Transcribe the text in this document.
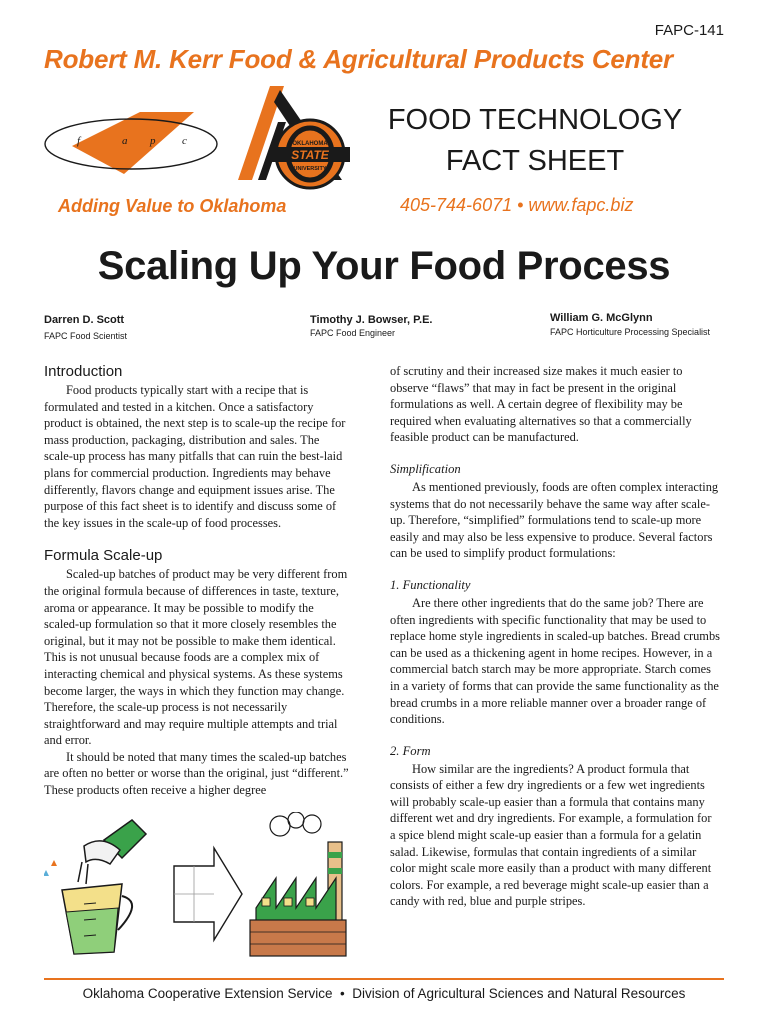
FAPC-141
Robert M. Kerr Food & Agricultural Products Center
f	a p c	OKLAHOMA
STATE
UNIVERSITY
FOOD TECHNOLOGY
FACT SHEET
Adding Value to Oklahoma	405-744-6071 • www.fapc.biz
Scaling Up Your Food Process
Darren D. Scott
FAPC Food Scientist
Timothy J. Bowser, P.E.
FAPC Food Engineer
William G. McGlynn
FAPC Horticulture Processing Specialist
Introduction

Food products typically start with a recipe that is formulated and tested in a kitchen. Once a satisfactory product is obtained, the next step is to scale-up the recipe for mass production, packaging, distribution and sales. The scale-up process has many pitfalls that can ruin the best-laid plans for commercial production. Ingredients may behave differently, flavors change and equipment issues arise. The purpose of this fact sheet is to identify and discuss some of the key issues in the scale-up of food processes.

Formula Scale-up

Scaled-up batches of product may be very different from the original formula because of differences in taste, texture, aroma or appearance. It may be possible to modify the scaled-up formulation so that it more closely resembles the original, but it may not be possible to make them identical. This is not unusual because foods are a complex mix of interacting chemical and physical systems. As these systems become larger, the ways in which they function may change. Therefore, the scale-up process is not necessarily straightforward and may require multiple attempts and trial and error.

It should be noted that many times the scaled-up batches are often no better or worse than the original, just “different.” These products often receive a higher degree

of scrutiny and their increased size makes it much easier to observe “flaws” that may in fact be present in the original formulations as well. A certain degree of flexibility may be required when evaluating alternatives so that a commercially feasible product can be manufactured.

Simplification

As mentioned previously, foods are often complex interacting systems that do not necessarily behave the same way after scale-up. Therefore, “simplified” formulations tend to scale-up more easily and may also be less expensive to produce. Several factors can be used to simplify product formulations:

1. Functionality

Are there other ingredients that do the same job? There are often ingredients with specific functionality that may be used to replace home style ingredients in scaled-up batches. Bread crumbs can be used as a thickening agent in home recipes. However, in a commercial batch starch may be more appropriate. Starch comes in a variety of forms that can provide the same functionality as the bread crumbs in a more reliable manner over a broader range of conditions.

2. Form

How similar are the ingredients? A product formula that consists of either a few dry ingredients or a few wet ingredients will probably scale-up easier than a formula that contains many different wet and dry ingredients. For example, a formulation for a spice blend might scale-up easier than a formula for a gelatin salad. Likewise, formulas that contain ingredients of a similar color might scale more easily than a product with many different colors. For example, a red beverage might scale-up easier than a candy with red, blue and purple stripes.

Oklahoma Cooperative Extension Service  •  Division of Agricultural Sciences and Natural Resources
